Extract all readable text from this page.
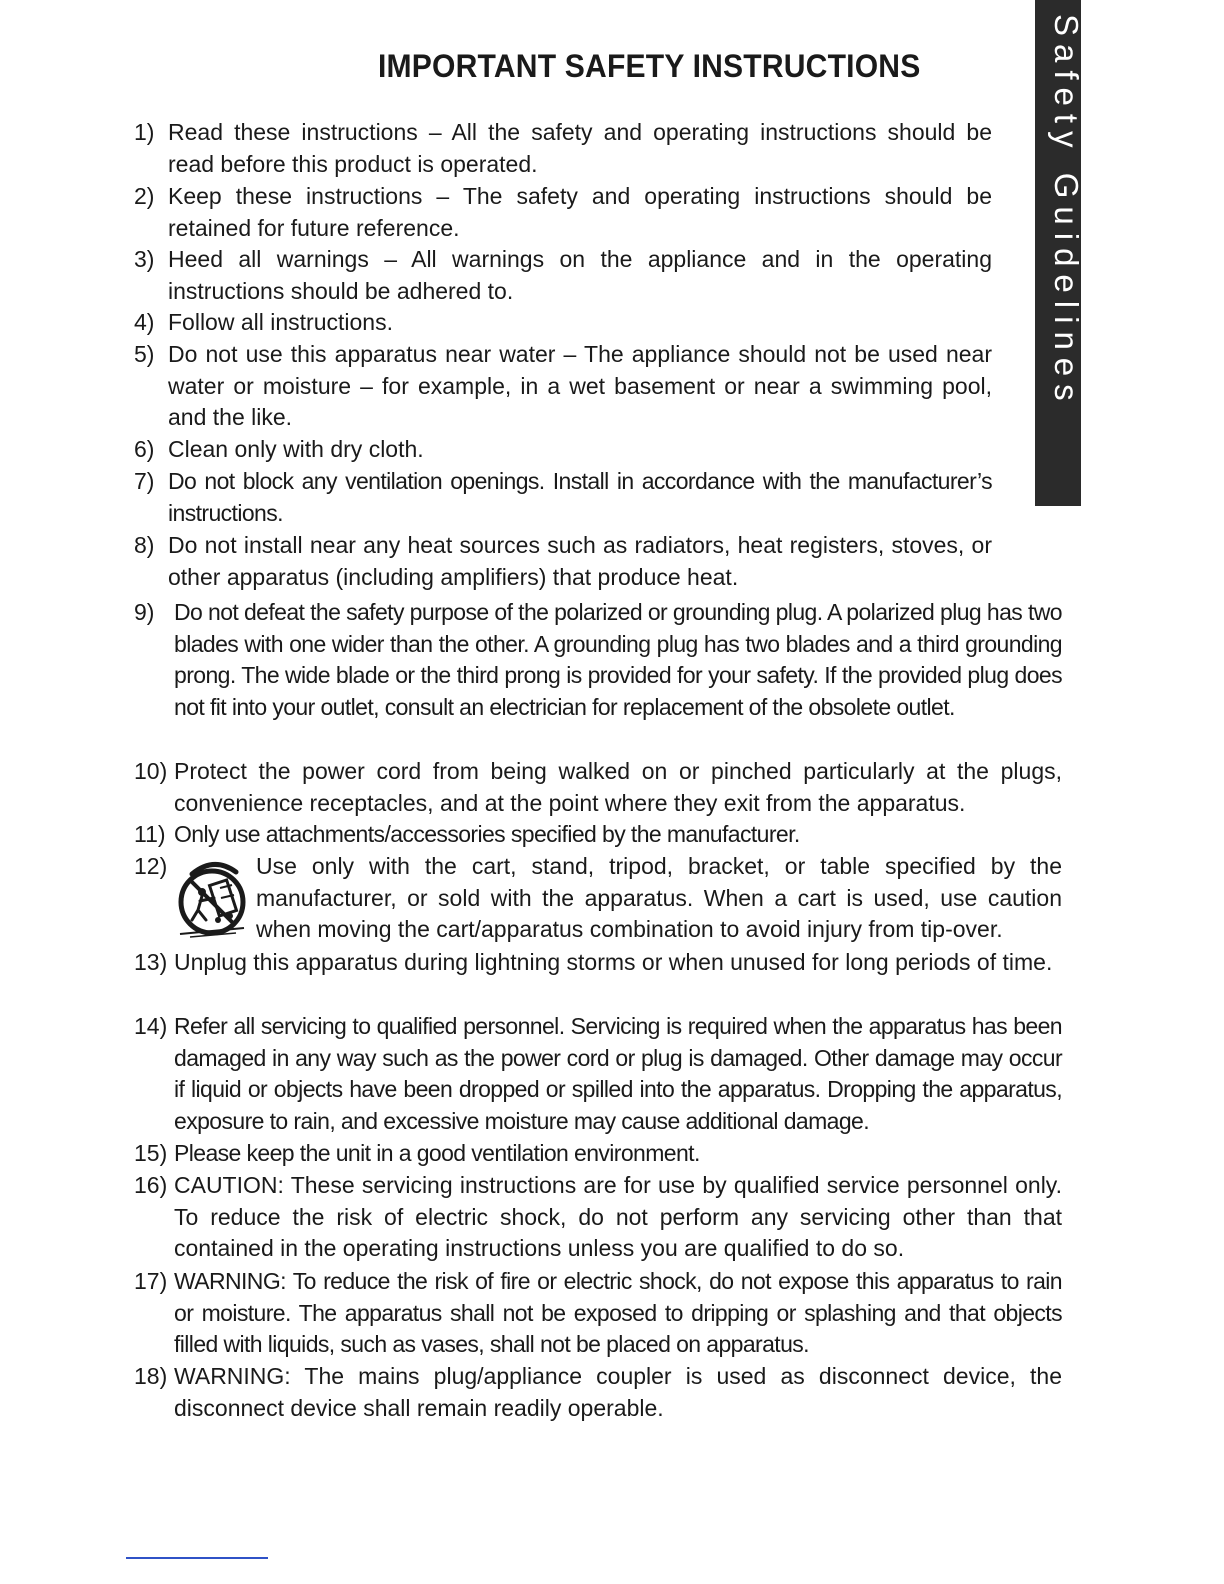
IMPORTANT SAFETY INSTRUCTIONS	Safety Guidelines
1) Read these instructions – All the safety and operating instructions should be read before this product is operated.
2) Keep these instructions – The safety and operating instructions should be retained for future reference.
3) Heed all warnings – All warnings on the appliance and in the operating instructions should be adhered to.
4) Follow all instructions.
5) Do not use this apparatus near water – The appliance should not be used near water or moisture – for example, in a wet basement or near a swimming pool, and the like.
6) Clean only with dry cloth.
7) Do not block any ventilation openings. Install in accordance with the manufacturer’s instructions.
8) Do not install near any heat sources such as radiators, heat registers, stoves, or other apparatus (including amplifiers) that produce heat.
9) Do not defeat the safety purpose of the polarized or grounding plug. A polarized plug has two blades with one wider than the other. A grounding plug has two blades and a third grounding prong. The wide blade or the third prong is provided for your safety. If the provided plug does not fit into your outlet, consult an electrician for replacement of the obsolete outlet.
10) Protect the power cord from being walked on or pinched particularly at the plugs, convenience receptacles, and at the point where they exit from the apparatus.
11) Only use attachments/accessories specified by the manufacturer.
12)	Use only with the cart, stand, tripod, bracket, or table specified by the manufacturer, or sold with the apparatus. When a cart is used, use caution when moving the cart/apparatus combination to avoid injury from tip-over.
13) Unplug this apparatus during lightning storms or when unused for long periods of time.
14) Refer all servicing to qualified personnel. Servicing is required when the apparatus has been damaged in any way such as the power cord or plug is damaged. Other damage may occur if liquid or objects have been dropped or spilled into the apparatus. Dropping the apparatus, exposure to rain, and excessive moisture may cause additional damage.
15) Please keep the unit in a good ventilation environment.
16) CAUTION: These servicing instructions are for use by qualified service personnel only. To reduce the risk of electric shock, do not perform any servicing other than that contained in the operating instructions unless you are qualified to do so.
17) WARNING: To reduce the risk of fire or electric shock, do not expose this apparatus to rain or moisture. The apparatus shall not be exposed to dripping or splashing and that objects filled with liquids, such as vases, shall not be placed on apparatus.
18) WARNING: The mains plug/appliance coupler is used as disconnect device, the disconnect device shall remain readily operable.
